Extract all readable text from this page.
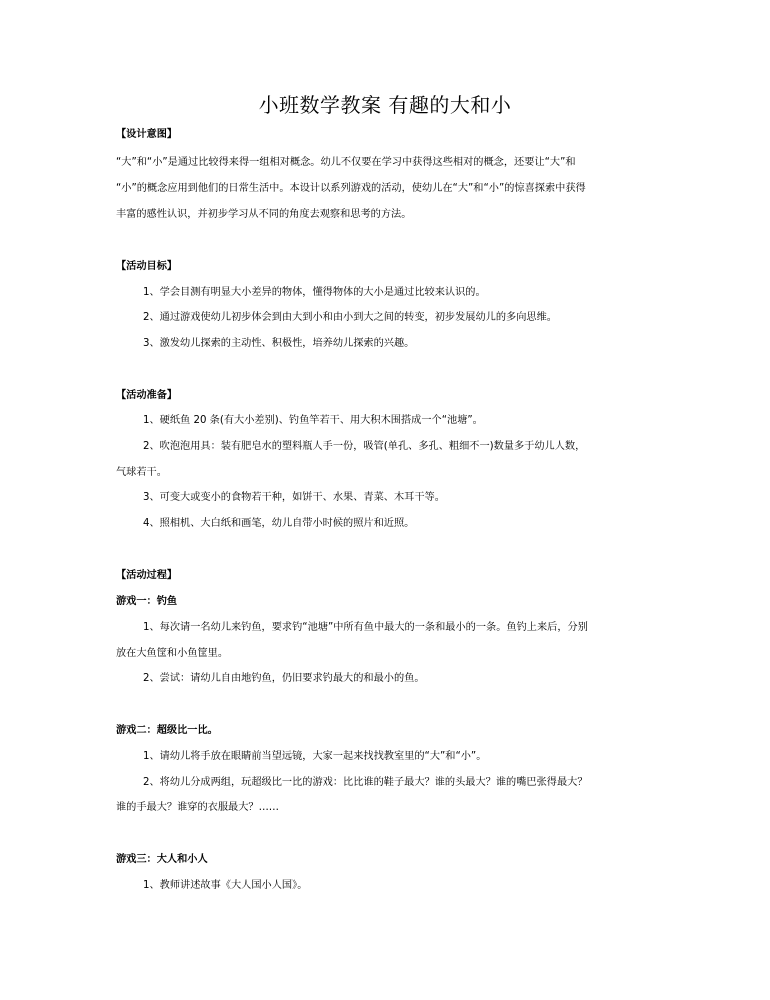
小班数学教案 有趣的大和小
【设计意图】
“大”和“小”是通过比较得来得一组相对概念。幼儿不仅要在学习中获得这些相对的概念，还要让“大”和
“小”的概念应用到他们的日常生活中。本设计以系列游戏的活动，使幼儿在“大”和“小”的惊喜探索中获得
丰富的感性认识，并初步学习从不同的角度去观察和思考的方法。
【活动目标】
1、学会目测有明显大小差异的物体，懂得物体的大小是通过比较来认识的。
2、通过游戏使幼儿初步体会到由大到小和由小到大之间的转变，初步发展幼儿的多向思维。
3、激发幼儿探索的主动性、积极性，培养幼儿探索的兴趣。
【活动准备】
1、硬纸鱼 20 条(有大小差别)、钓鱼竿若干、用大积木围搭成一个“池塘”。
2、吹泡泡用具：装有肥皂水的塑料瓶人手一份，吸管(单孔、多孔、粗细不一)数量多于幼儿人数，
气球若干。
3、可变大或变小的食物若干种，如饼干、水果、青菜、木耳干等。
4、照相机、大白纸和画笔，幼儿自带小时候的照片和近照。
【活动过程】
游戏一：钓鱼
1、每次请一名幼儿来钓鱼，要求钓“池塘”中所有鱼中最大的一条和最小的一条。鱼钓上来后，分别
放在大鱼筐和小鱼筐里。
2、尝试：请幼儿自由地钓鱼，仍旧要求钓最大的和最小的鱼。
游戏二：超级比一比。
1、请幼儿将手放在眼睛前当望远镜，大家一起来找找教室里的“大”和“小”。
2、将幼儿分成两组，玩超级比一比的游戏：比比谁的鞋子最大？谁的头最大？谁的嘴巴张得最大？
谁的手最大？谁穿的衣服最大？……
游戏三：大人和小人
1、教师讲述故事《大人国小人国》。
